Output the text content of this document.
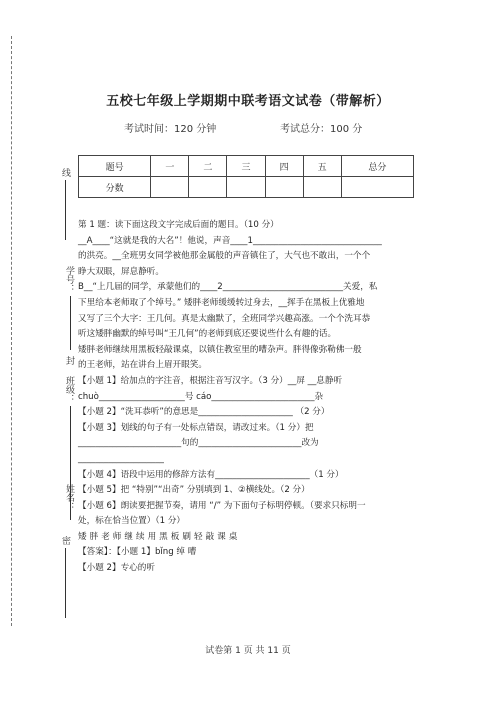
线
学号：
封
班级：
姓名：
密
五校七年级上学期期中联考语文试卷（带解析）
考试时间：120 分钟	考试总分：100 分
题号	一	二	三	四	五	总分
分数						

第 1 题：读下面这段文字完成后面的题目。（10 分）

__A____“这就是我的大名”！他说，声音____1______________________________

的洪亮。__全班男女同学被他那金属般的声音镇住了，大气也不敢出，一个个

睁大双眼，屏息静听。

B__“上几届的同学，承蒙他们的____2____________________________关爱，私

下里给本老师取了个绰号。” 矮胖老师缓缓转过身去，__挥手在黑板上优雅地

又写了三个大字：王几何。真是太幽默了，全班同学兴趣高涨。一个个洗耳恭

听这矮胖幽默的绰号叫“王几何”的老师到底还要说些什么有趣的话。

矮胖老师继续用黑板轻敲课桌，以镇住教室里的嘈杂声。胖得像弥勒佛一般

的王老师，站在讲台上眉开眼笑。

【小题 1】给加点的字注音，根据注音写汉字。（3 分）__屏 __息静听

chuò____________________号 cáo________________________杂

【小题 2】“洗耳恭听”的意思是______________________ （2 分）

【小题 3】划线的句子有一处标点错误，请改过来。（1 分）把

________________________句的________________________改为

____________________

【小题 4】语段中运用的修辞方法有______________________（1 分）

【小题 5】把 “特别”“出奇” 分别填到 1、②横线处。（2 分）

【小题 6】朗读要把握节奏，请用 “/” 为下面句子标明停顿。（要求只标明一

处，标在恰当位置）（1 分）

矮胖老师继续用黑板刷轻敲课桌

【答案】：【小题 1】bǐng 绰 嘈

【小题 2】专心的听

试卷第 1 页 共 11 页
